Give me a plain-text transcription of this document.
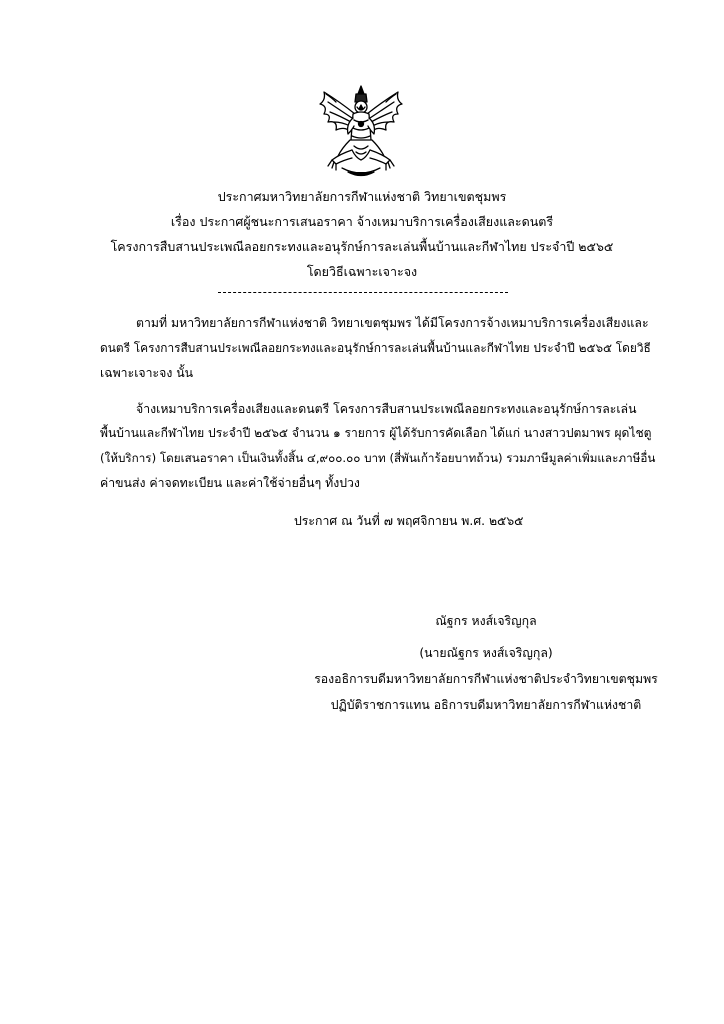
ประกาศมหาวิทยาลัยการกีฬาแห่งชาติ วิทยาเขตชุมพร
เรื่อง ประกาศผู้ชนะการเสนอราคา จ้างเหมาบริการเครื่องเสียงและดนตรี
โครงการสืบสานประเพณีลอยกระทงและอนุรักษ์การละเล่นพื้นบ้านและกีฬาไทย ประจำปี ๒๕๖๕
โดยวิธีเฉพาะเจาะจง
ตามที่ มหาวิทยาลัยการกีฬาแห่งชาติ วิทยาเขตชุมพร ได้มีโครงการจ้างเหมาบริการเครื่องเสียงและ
ดนตรี โครงการสืบสานประเพณีลอยกระทงและอนุรักษ์การละเล่นพื้นบ้านและกีฬาไทย ประจำปี ๒๕๖๕ โดยวิธี
เฉพาะเจาะจง นั้น
จ้างเหมาบริการเครื่องเสียงและดนตรี โครงการสืบสานประเพณีลอยกระทงและอนุรักษ์การละเล่น
พื้นบ้านและกีฬาไทย ประจำปี ๒๕๖๕ จำนวน ๑ รายการ ผู้ได้รับการคัดเลือก ได้แก่ นางสาวปตมาพร ผุดไชตู
(ให้บริการ) โดยเสนอราคา เป็นเงินทั้งสิ้น ๔,๙๐๐.๐๐ บาท (สี่พันเก้าร้อยบาทถ้วน) รวมภาษีมูลค่าเพิ่มและภาษีอื่น
ค่าขนส่ง ค่าจดทะเบียน และค่าใช้จ่ายอื่นๆ ทั้งปวง
ประกาศ ณ วันที่ ๗ พฤศจิกายน พ.ศ. ๒๕๖๕
ณัฐกร หงส์เจริญกุล
(นายณัฐกร หงส์เจริญกุล)
รองอธิการบดีมหาวิทยาลัยการกีฬาแห่งชาติประจำวิทยาเขตชุมพร
ปฏิบัติราชการแทน อธิการบดีมหาวิทยาลัยการกีฬาแห่งชาติ
